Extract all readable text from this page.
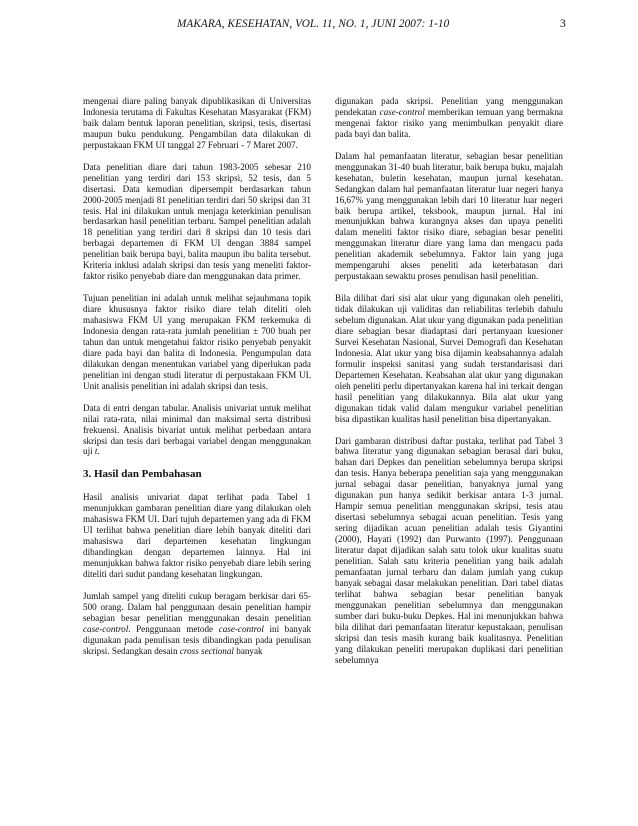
MAKARA, KESEHATAN, VOL. 11, NO. 1, JUNI 2007: 1-10	3

mengenai diare paling banyak dipublikasikan di Universitas Indonesia terutama di Fakultas Kesehatan Masyarakat (FKM) baik dalam bentuk laporan penelitian, skripsi, tesis, disertasi maupun buku pendukung. Pengambilan data dilakukan di perpustakaan FKM UI tanggal 27 Februari - 7 Maret 2007.

Data penelitian diare dari tahun 1983-2005 sebesar 210 penelitian yang terdiri dari 153 skripsi, 52 tesis, dan 5 disertasi. Data kemudian dipersempit berdasarkan tahun 2000-2005 menjadi 81 penelitian terdiri dari 50 skripsi dan 31 tesis. Hal ini dilakukan untuk menjaga keterkinian penulisan berdasarkan hasil penelitian terbaru. Sampel penelitian adalah 18 penelitian yang terdiri dari 8 skripsi dan 10 tesis dari berbagai departemen di FKM UI dengan 3884 sampel penelitian baik berupa bayi, balita maupun ibu balita tersebut. Kriteria inklusi adalah skripsi dan tesis yang meneliti faktor-faktor risiko penyebab diare dan menggunakan data primer.

Tujuan penelitian ini adalah untuk melihat sejauhmana topik diare khususnya faktor risiko diare telah diteliti oleh mahasiswa FKM UI yang merupakan FKM terkemuka di Indonesia dengan rata-rata jumlah penelitian ± 700 buah per tahun dan untuk mengetahui faktor risiko penyebab penyakit diare pada bayi dan balita di Indonesia. Pengumpulan data dilakukan dengan menentukan variabel yang diperlukan pada penelitian ini dengan studi literatur di perpustakaan FKM UI. Unit analisis penelitian ini adalah skripsi dan tesis.

Data di entri dengan tabular. Analisis univariat untuk melihat nilai rata-rata, nilai minimal dan maksimal serta distribusi frekuensi. Analisis bivariat untuk melihat perbedaan antara skripsi dan tesis dari berbagai variabel dengan menggunakan uji t.

3. Hasil dan Pembahasan

Hasil analisis univariat dapat terlihat pada Tabel 1 menunjukkan gambaran penelitian diare yang dilakukan oleh mahasiswa FKM UI. Dari tujuh departemen yang ada di FKM UI terlihat bahwa penelitian diare lebih banyak diteliti dari mahasiswa dari departemen kesehatan lingkungan dibandingkan dengan departemen lainnya. Hal ini menunjukkan bahwa faktor risiko penyebab diare lebih sering diteliti dari sudut pandang kesehatan lingkungan.

Jumlah sampel yang diteliti cukup beragam berkisar dari 65-500 orang. Dalam hal penggunaan desain penelitian hampir sebagian besar penelitian menggunakan desain penelitian case-control. Penggunaan metode case-control ini banyak digunakan pada penulisan tesis dibandingkan pada penulisan skripsi. Sedangkan desain cross sectional banyak

digunakan pada skripsi. Penelitian yang menggunakan pendekatan case-control memberikan temuan yang bermakna mengenai faktor risiko yang menimbulkan penyakit diare pada bayi dan balita.

Dalam hal pemanfaatan literatur, sebagian besar penelitian menggunakan 31-40 buah literatur, baik berupa buku, majalah kesehatan, buletin kesehatan, maupun jurnal kesehatan. Sedangkan dalam hal pemanfaatan literatur luar negeri hanya 16,67% yang menggunakan lebih dari 10 literatur luar negeri baik berupa artikel, teksbook, maupun jurnal. Hal ini menunjukkan bahwa kurangnya akses dan upaya peneliti dalam meneliti faktor risiko diare, sebagian besar peneliti menggunakan literatur diare yang lama dan mengacu pada penelitian akademik sebelumnya. Faktor lain yang juga mempengaruhi akses peneliti ada keterbatasan dari perpustakaan sewaktu proses penulisan hasil penelitian.

Bila dilihat dari sisi alat ukur yang digunakan oleh peneliti, tidak dilakukan uji validitas dan reliabilitas terlebih dahulu sebelum digunakan. Alat ukur yang digunakan pada penelitian diare sebagian besar diadaptasi dari pertanyaan kuesioner Survei Kesehatan Nasional, Survei Demografi dan Kesehatan Indonesia. Alat ukur yang bisa dijamin keabsahannya adalah formulir inspeksi sanitasi yang sudah terstandarisasi dari Departemen Kesehatan. Keabsahan alat ukur yang digunakan oleh peneliti perlu dipertanyakan karena hal ini terkait dengan hasil penelitian yang dilakukannya. Bila alat ukur yang digunakan tidak valid dalam mengukur variabel penelitian bisa dipastikan kualitas hasil penelitian bisa dipertanyakan.

Dari gambaran distribusi daftar pustaka, terlihat pad Tabel 3 bahwa literatur yang digunakan sebagian berasal dari buku, bahan dari Depkes dan penelitian sebelumnya berupa skripsi dan tesis. Hanya beberapa penelitian saja yang menggunakan jurnal sebagai dasar penelitian, banyaknya jurnal yang digunakan pun hanya sedikit berkisar antara 1-3 jurnal. Hampir semua penelitian menggunakan skripsi, tesis atau disertasi sebelumnya sebagai acuan penelitian. Tesis yang sering dijadikan acuan penelitian adalah tesis Giyantini (2000), Hayati (1992) dan Purwanto (1997). Penggunaan literatur dapat dijadikan salah satu tolok ukur kualitas suatu penelitian. Salah satu kriteria penelitian yang baik adalah pemanfaatan jurnal terbaru dan dalam jumlah yang cukup banyak sebagai dasar melakukan penelitian. Dari tabel diatas terlihat bahwa sebagian besar penelitian banyak menggunakan penelitian sebelumnya dan menggunakan sumber dari buku-buku Depkes. Hal ini menunjukkan bahwa bila dilihat dari pemanfaatan literatur kepustakaan, penulisan skripsi dan tesis masih kurang baik kualitasnya. Penelitian yang dilakukan peneliti merupakan duplikasi dari penelitian sebelumnya
